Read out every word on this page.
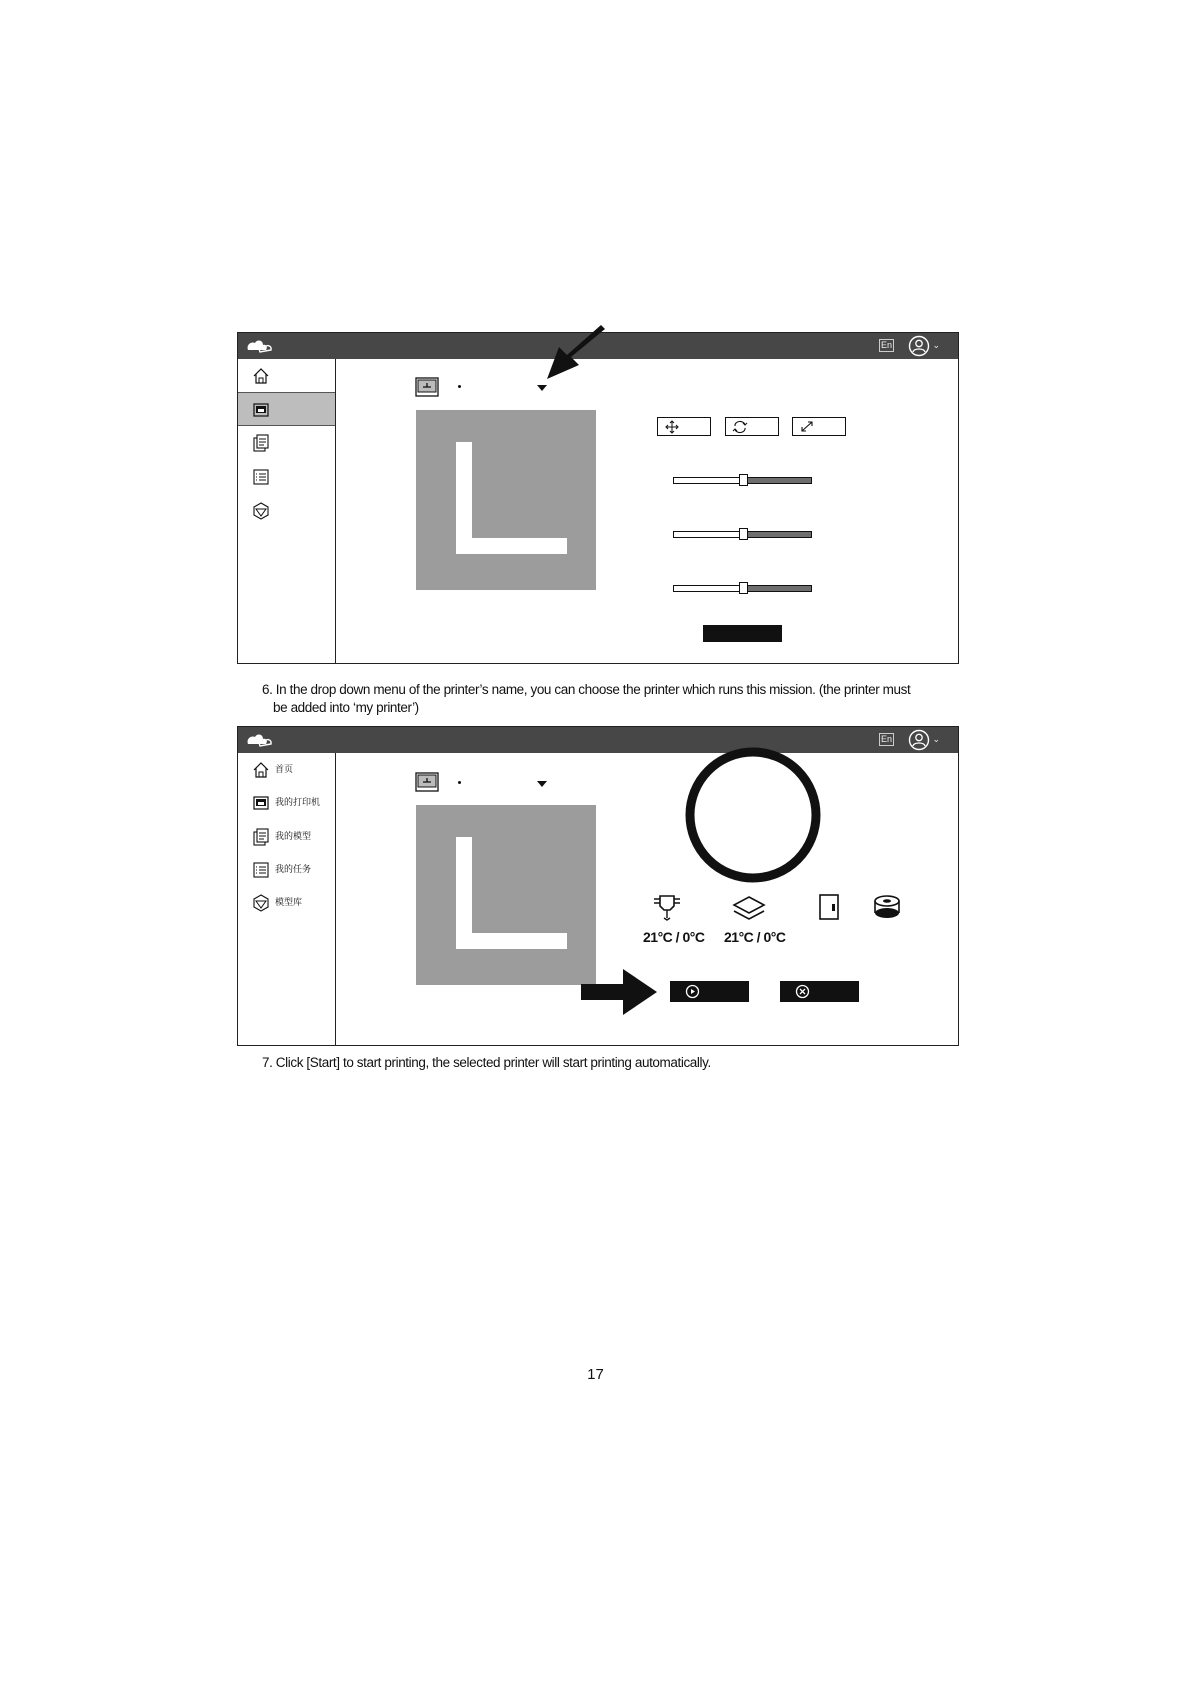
En	⌄
6. In the drop down menu of the printer’s name, you can choose the printer which runs this mission. (the printer must
be added into ‘my printer’)
En	⌄
首页
我的打印机
我的模型
我的任务
模型库
21°C / 0°C 21°C / 0°C
7. Click [Start] to start printing, the selected printer will start printing automatically.
17
